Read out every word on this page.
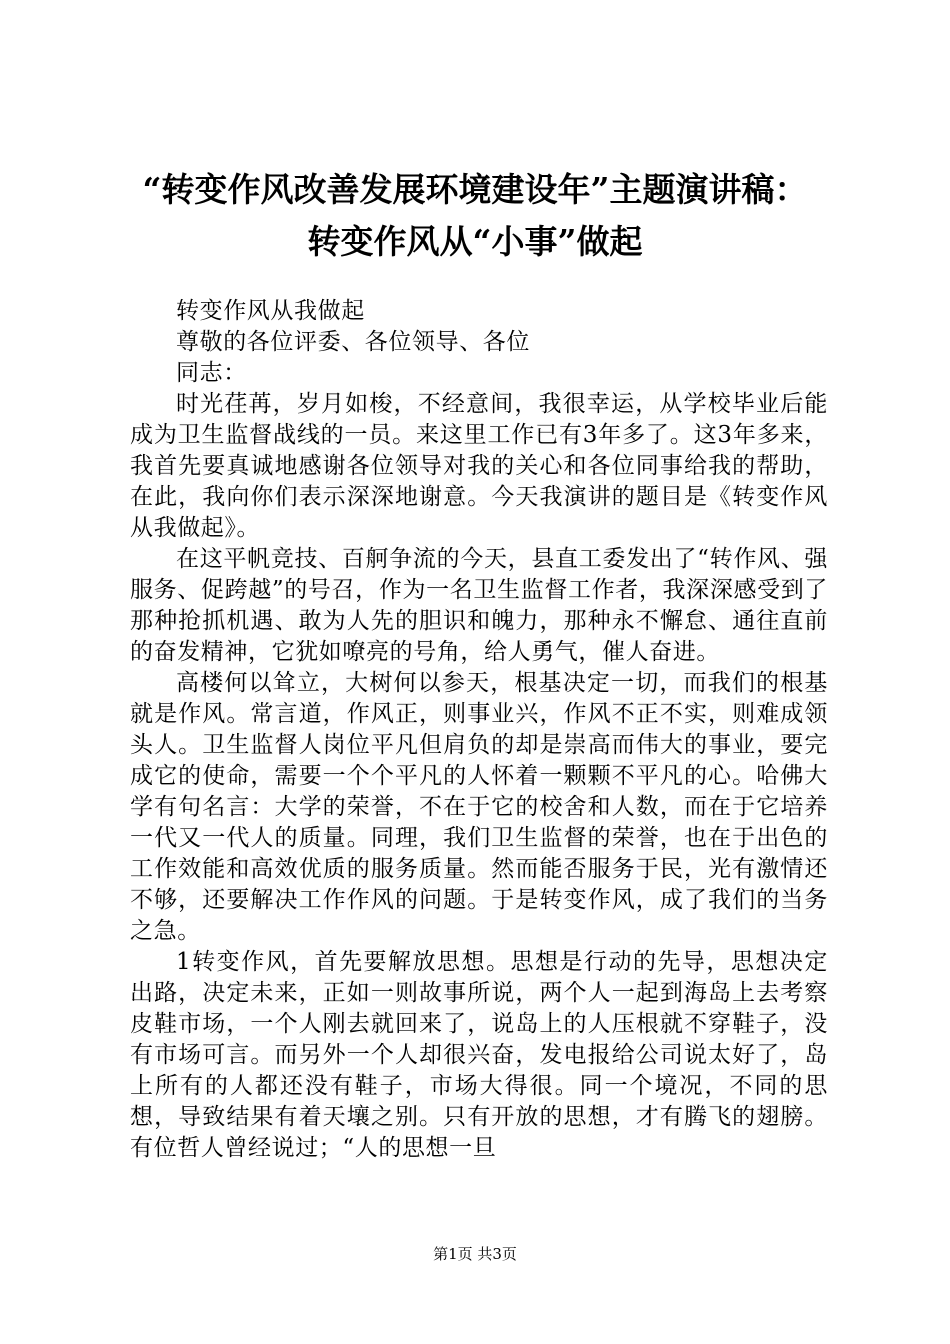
“转变作风改善发展环境建设年”主题演讲稿：
转变作风从“小事”做起

转变作风从我做起

尊敬的各位评委、各位领导、各位

同志：

时光荏苒，岁月如梭，不经意间，我很幸运，从学校毕业后能成为卫生监督战线的一员。来这里工作已有3年多了。这3年多来，我首先要真诚地感谢各位领导对我的关心和各位同事给我的帮助，在此，我向你们表示深深地谢意。今天我演讲的题目是《转变作风从我做起》。

在这平帆竞技、百舸争流的今天，县直工委发出了“转作风、强服务、促跨越”的号召，作为一名卫生监督工作者，我深深感受到了那种抢抓机遇、敢为人先的胆识和魄力，那种永不懈怠、通往直前的奋发精神，它犹如嘹亮的号角，给人勇气，催人奋进。

高楼何以耸立，大树何以参天，根基决定一切，而我们的根基就是作风。常言道，作风正，则事业兴，作风不正不实，则难成领头人。卫生监督人岗位平凡但肩负的却是崇高而伟大的事业，要完成它的使命，需要一个个平凡的人怀着一颗颗不平凡的心。哈佛大学有句名言：大学的荣誉，不在于它的校舍和人数，而在于它培养一代又一代人的质量。同理，我们卫生监督的荣誉，也在于出色的工作效能和高效优质的服务质量。然而能否服务于民，光有激情还不够，还要解决工作作风的问题。于是转变作风，成了我们的当务之急。

1转变作风，首先要解放思想。思想是行动的先导，思想决定出路，决定未来，正如一则故事所说，两个人一起到海岛上去考察皮鞋市场，一个人刚去就回来了，说岛上的人压根就不穿鞋子，没有市场可言。而另外一个人却很兴奋，发电报给公司说太好了，岛上所有的人都还没有鞋子，市场大得很。同一个境况，不同的思想，导致结果有着天壤之别。只有开放的思想，才有腾飞的翅膀。有位哲人曾经说过；“人的思想一旦

第1页 共3页
